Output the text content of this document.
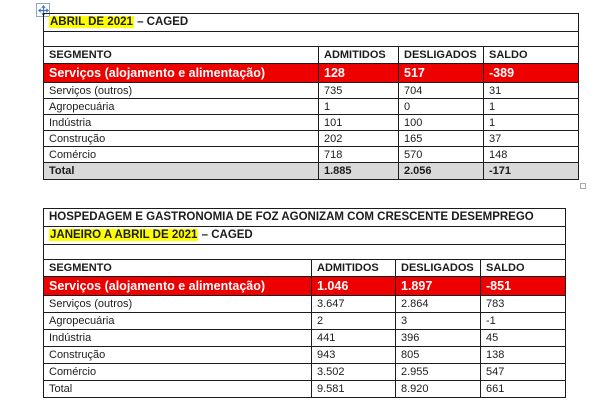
ABRIL DE 2021 – CAGED			

SEGMENTO	ADMITIDOS	DESLIGADOS	SALDO
Serviços (alojamento e alimentação)	128	517	-389
Serviços (outros)	735	704	31
Agropecuária	1	0	1
Indústria	101	100	1
Construção	202	165	37
Comércio	718	570	148
Total	1.885	2.056	-171
HOSPEDAGEM E GASTRONOMIA DE FOZ AGONIZAM COM CRESCENTE DESEMPREGO			
JANEIRO A ABRIL DE 2021 – CAGED			

SEGMENTO	ADMITIDOS	DESLIGADOS	SALDO
Serviços (alojamento e alimentação)	1.046	1.897	-851
Serviços (outros)	3.647	2.864	783
Agropecuária	2	3	-1
Indústria	441	396	45
Construção	943	805	138
Comércio	3.502	2.955	547
Total	9.581	8.920	661
